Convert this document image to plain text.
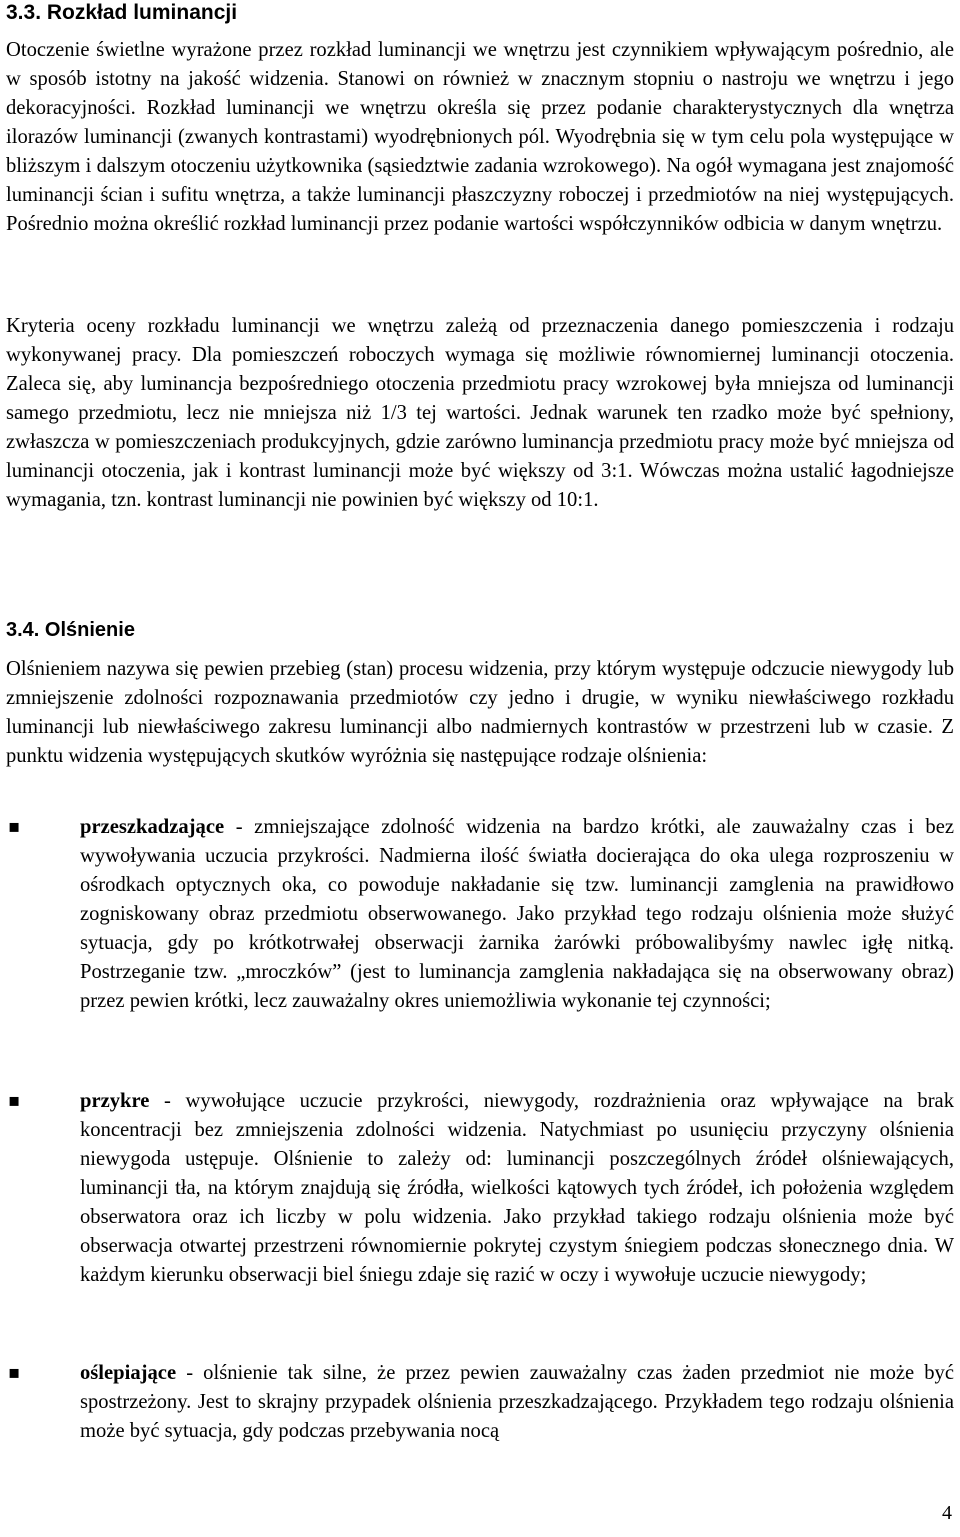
3.3. Rozkład luminancji

Otoczenie świetlne wyrażone przez rozkład luminancji we wnętrzu jest czynnikiem wpływającym pośrednio, ale w sposób istotny na jakość widzenia. Stanowi on również w znacznym stopniu o nastroju we wnętrzu i jego dekoracyjności. Rozkład luminancji we wnętrzu określa się przez podanie charakterystycznych dla wnętrza ilorazów luminancji (zwanych kontrastami) wyodrębnionych pól. Wyodrębnia się w tym celu pola występujące w bliższym i dalszym otoczeniu użytkownika (sąsiedztwie zadania wzrokowego). Na ogół wymagana jest znajomość luminancji ścian i sufitu wnętrza, a także luminancji płaszczyzny roboczej i przedmiotów na niej występujących. Pośrednio można określić rozkład luminancji przez podanie wartości współczynników odbicia w danym wnętrzu.

Kryteria oceny rozkładu luminancji we wnętrzu zależą od przeznaczenia danego pomieszczenia i rodzaju wykonywanej pracy. Dla pomieszczeń roboczych wymaga się możliwie równomiernej luminancji otoczenia. Zaleca się, aby luminancja bezpośredniego otoczenia przedmiotu pracy wzrokowej była mniejsza od luminancji samego przedmiotu, lecz nie mniejsza niż 1/3 tej wartości. Jednak warunek ten rzadko może być spełniony, zwłaszcza w pomieszczeniach produkcyjnych, gdzie zarówno luminancja przedmiotu pracy może być mniejsza od luminancji otoczenia, jak i kontrast luminancji może być większy od 3:1. Wówczas można ustalić łagodniejsze wymagania, tzn. kontrast luminancji nie powinien być większy od 10:1.

3.4. Olśnienie

Olśnieniem nazywa się pewien przebieg (stan) procesu widzenia, przy którym występuje odczucie niewygody lub zmniejszenie zdolności rozpoznawania przedmiotów czy jedno i drugie, w wyniku niewłaściwego rozkładu luminancji lub niewłaściwego zakresu luminancji albo nadmiernych kontrastów w przestrzeni lub w czasie. Z punktu widzenia występujących skutków wyróżnia się następujące rodzaje olśnienia:

▪	przeszkadzające - zmniejszające zdolność widzenia na bardzo krótki, ale zauważalny czas i bez wywoływania uczucia przykrości. Nadmierna ilość światła docierająca do oka ulega rozproszeniu w ośrodkach optycznych oka, co powoduje nakładanie się tzw. luminancji zamglenia na prawidłowo zogniskowany obraz przedmiotu obserwowanego. Jako przykład tego rodzaju olśnienia może służyć sytuacja, gdy po krótkotrwałej obserwacji żarnika żarówki próbowalibyśmy nawlec igłę nitką. Postrzeganie tzw. „mroczków” (jest to luminancja zamglenia nakładająca się na obserwowany obraz) przez pewien krótki, lecz zauważalny okres uniemożliwia wykonanie tej czynności;
▪	przykre - wywołujące uczucie przykrości, niewygody, rozdrażnienia oraz wpływające na brak koncentracji bez zmniejszenia zdolności widzenia. Natychmiast po usunięciu przyczyny olśnienia niewygoda ustępuje. Olśnienie to zależy od: luminancji poszczególnych źródeł olśniewających, luminancji tła, na którym znajdują się źródła, wielkości kątowych tych źródeł, ich położenia względem obserwatora oraz ich liczby w polu widzenia. Jako przykład takiego rodzaju olśnienia może być obserwacja otwartej przestrzeni równomiernie pokrytej czystym śniegiem podczas słonecznego dnia. W każdym kierunku obserwacji biel śniegu zdaje się razić w oczy i wywołuje uczucie niewygody;
▪	oślepiające - olśnienie tak silne, że przez pewien zauważalny czas żaden przedmiot nie może być spostrzeżony. Jest to skrajny przypadek olśnienia przeszkadzającego. Przykładem tego rodzaju olśnienia może być sytuacja, gdy podczas przebywania nocą
4
